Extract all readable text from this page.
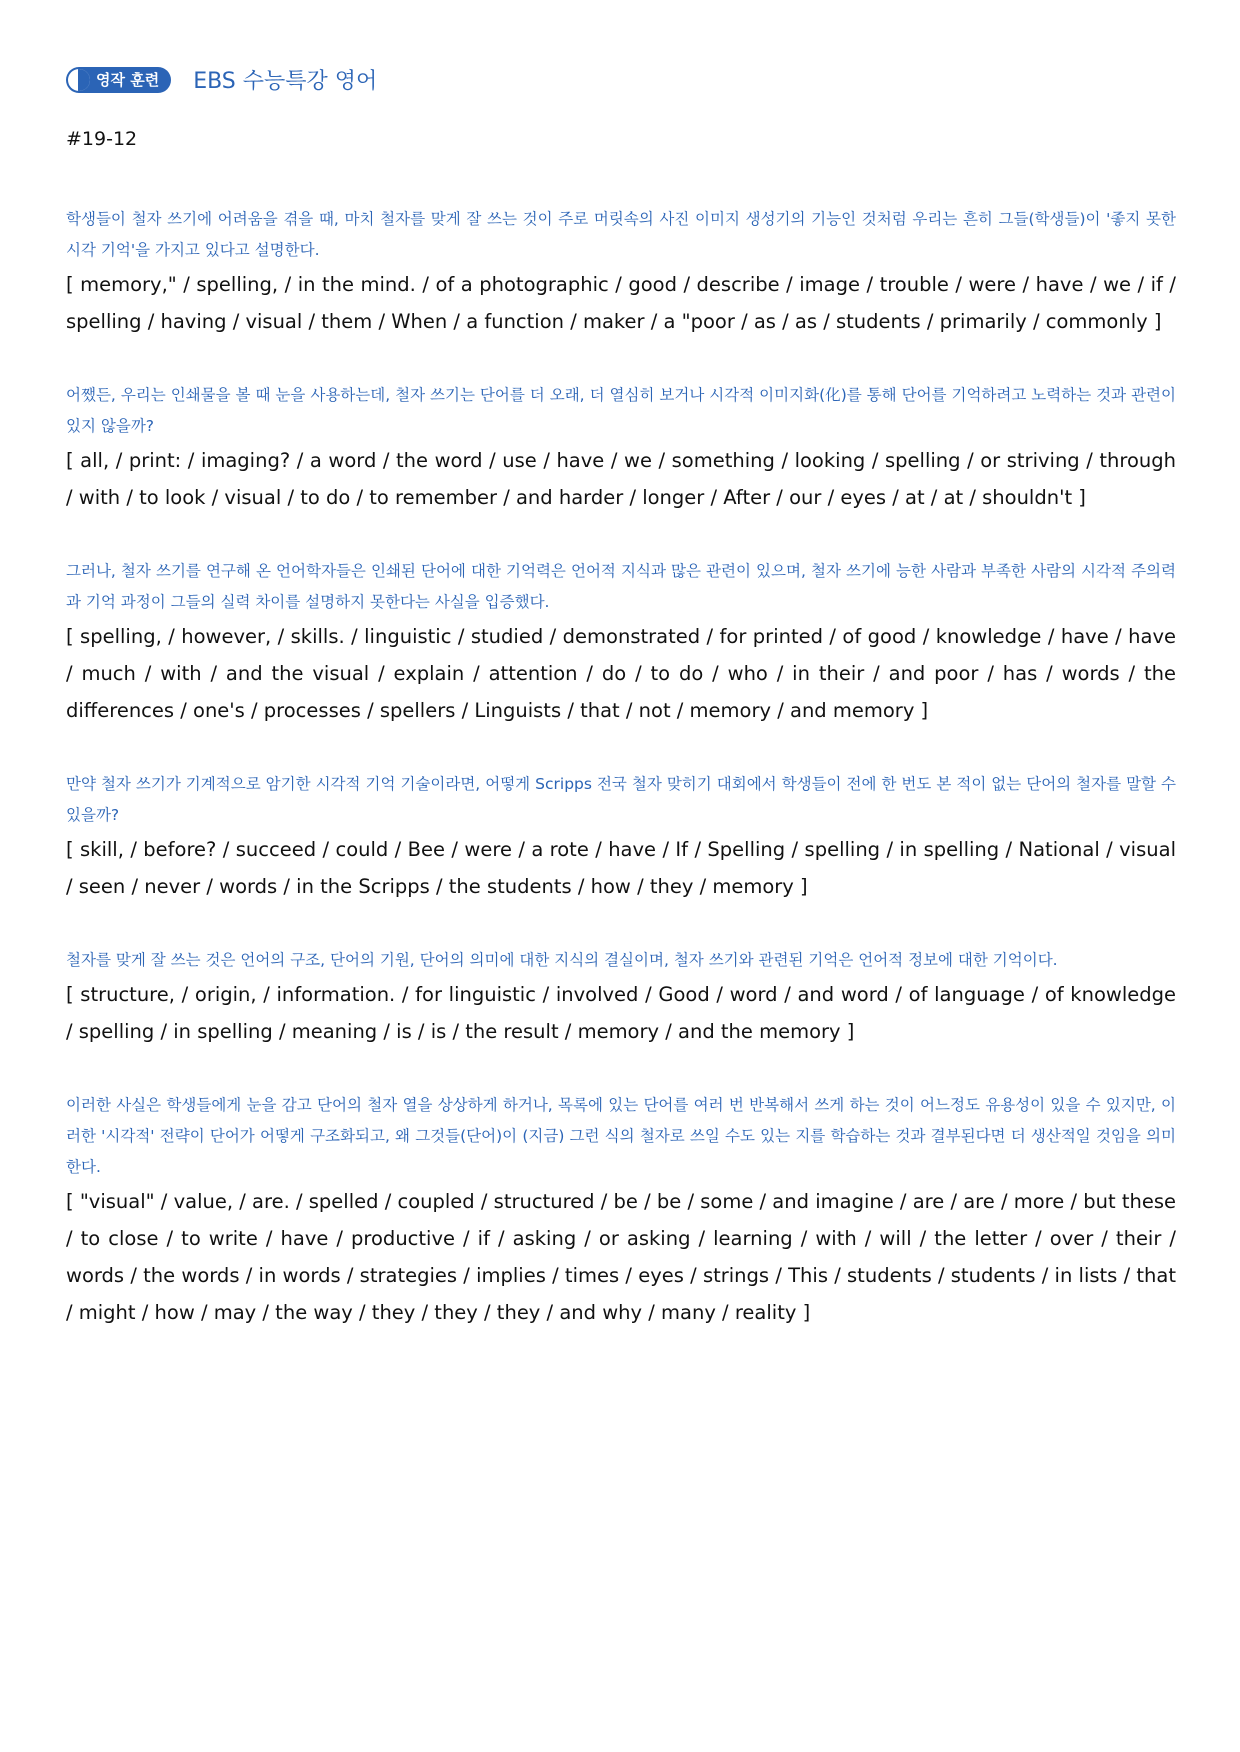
영작 훈련 EBS 수능특강 영어
#19-12
학생들이 철자 쓰기에 어려움을 겪을 때, 마치 철자를 맞게 잘 쓰는 것이 주로 머릿속의 사진 이미지 생성기의 기능인 것처럼 우리는 흔히 그들(학생들)이 '좋지 못한 시각 기억'을 가지고 있다고 설명한다.
[ memory," / spelling, / in the mind. / of a photographic / good / describe / image / trouble / were / have / we / if / spelling / having / visual / them / When / a function / maker / a "poor / as / as / students / primarily / commonly ]
어쨌든, 우리는 인쇄물을 볼 때 눈을 사용하는데, 철자 쓰기는 단어를 더 오래, 더 열심히 보거나 시각적 이미지화(化)를 통해 단어를 기억하려고 노력하는 것과 관련이 있지 않을까?
[ all, / print: / imaging? / a word / the word / use / have / we / something / looking / spelling / or striving / through / with / to look / visual / to do / to remember / and harder / longer / After / our / eyes / at / at / shouldn't ]
그러나, 철자 쓰기를 연구해 온 언어학자들은 인쇄된 단어에 대한 기억력은 언어적 지식과 많은 관련이 있으며, 철자 쓰기에 능한 사람과 부족한 사람의 시각적 주의력과 기억 과정이 그들의 실력 차이를 설명하지 못한다는 사실을 입증했다.
[ spelling, / however, / skills. / linguistic / studied / demonstrated / for printed / of good / knowledge / have / have / much / with / and the visual / explain / attention / do / to do / who / in their / and poor / has / words / the differences / one's / processes / spellers / Linguists / that / not / memory / and memory ]
만약 철자 쓰기가 기계적으로 암기한 시각적 기억 기술이라면, 어떻게 Scripps 전국 철자 맞히기 대회에서 학생들이 전에 한 번도 본 적이 없는 단어의 철자를 말할 수 있을까?
[ skill, / before? / succeed / could / Bee / were / a rote / have / If / Spelling / spelling / in spelling / National / visual / seen / never / words / in the Scripps / the students / how / they / memory ]
철자를 맞게 잘 쓰는 것은 언어의 구조, 단어의 기원, 단어의 의미에 대한 지식의 결실이며, 철자 쓰기와 관련된 기억은 언어적 정보에 대한 기억이다.
[ structure, / origin, / information. / for linguistic / involved / Good / word / and word / of language / of knowledge / spelling / in spelling / meaning / is / is / the result / memory / and the memory ]
이러한 사실은 학생들에게 눈을 감고 단어의 철자 열을 상상하게 하거나, 목록에 있는 단어를 여러 번 반복해서 쓰게 하는 것이 어느정도 유용성이 있을 수 있지만, 이러한 '시각적' 전략이 단어가 어떻게 구조화되고, 왜 그것들(단어)이 (지금) 그런 식의 철자로 쓰일 수도 있는 지를 학습하는 것과 결부된다면 더 생산적일 것임을 의미한다.
[ "visual" / value, / are. / spelled / coupled / structured / be / be / some / and imagine / are / are / more / but these / to close / to write / have / productive / if / asking / or asking / learning / with / will / the letter / over / their / words / the words / in words / strategies / implies / times / eyes / strings / This / students / students / in lists / that / might / how / may / the way / they / they / they / and why / many / reality ]
